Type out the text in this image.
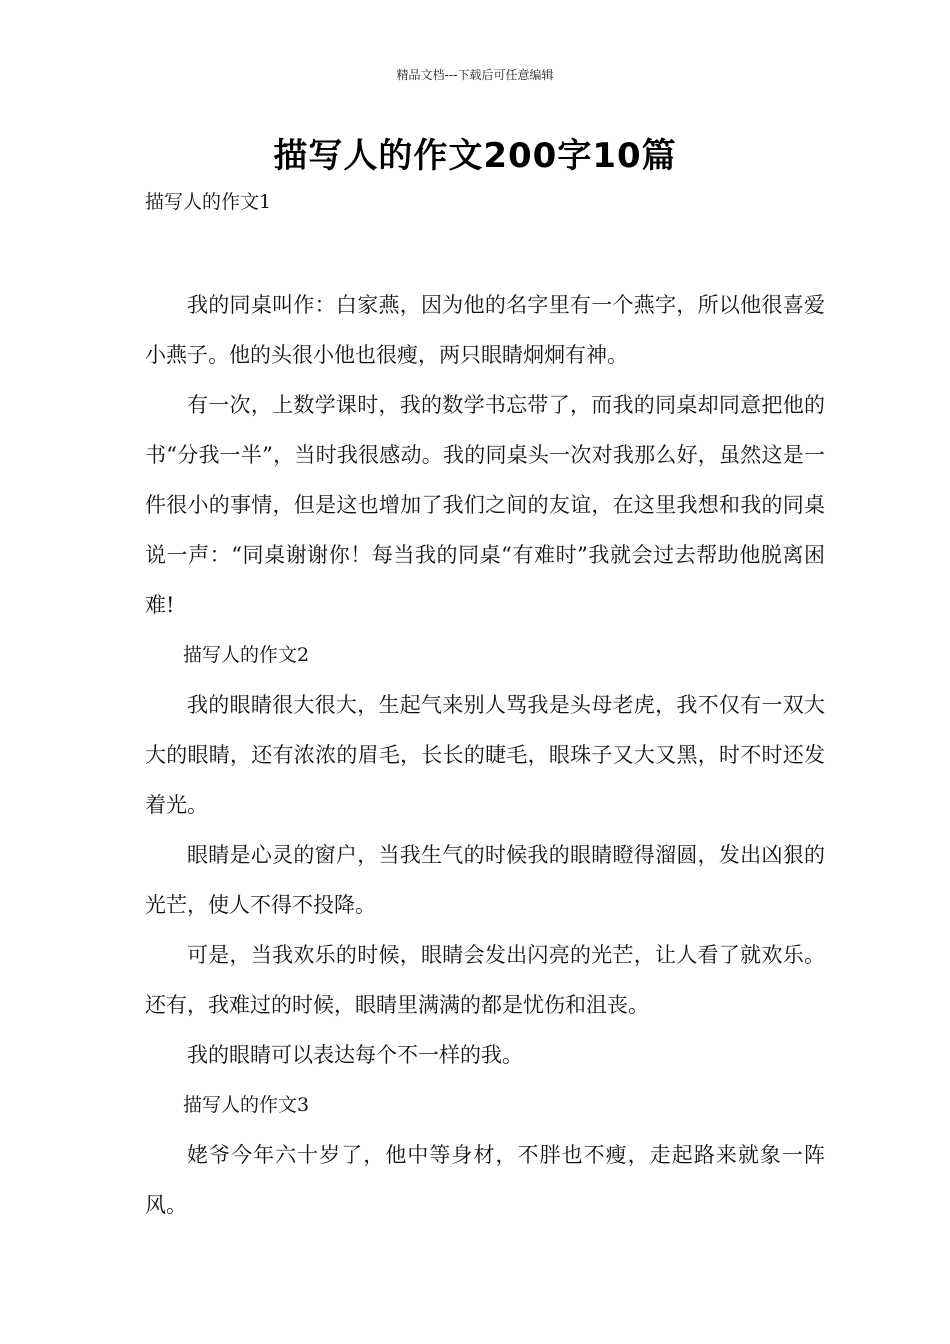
精品文档---下载后可任意编辑
描写人的作文200字10篇
描写人的作文1

我的同桌叫作：白家燕，因为他的名字里有一个燕字，所以他很喜爱小燕子。他的头很小他也很瘦，两只眼睛炯炯有神。

有一次，上数学课时，我的数学书忘带了，而我的同桌却同意把他的书“分我一半”，当时我很感动。我的同桌头一次对我那么好，虽然这是一件很小的事情，但是这也增加了我们之间的友谊，在这里我想和我的同桌说一声：“同桌谢谢你！每当我的同桌“有难时”我就会过去帮助他脱离困难!

描写人的作文2

我的眼睛很大很大，生起气来别人骂我是头母老虎，我不仅有一双大大的眼睛，还有浓浓的眉毛，长长的睫毛，眼珠子又大又黑，时不时还发着光。

眼睛是心灵的窗户，当我生气的时候我的眼睛瞪得溜圆，发出凶狠的光芒，使人不得不投降。

可是，当我欢乐的时候，眼睛会发出闪亮的光芒，让人看了就欢乐。 还有，我难过的时候，眼睛里满满的都是忧伤和沮丧。

我的眼睛可以表达每个不一样的我。

描写人的作文3

姥爷今年六十岁了，他中等身材，不胖也不瘦，走起路来就象一阵风。
